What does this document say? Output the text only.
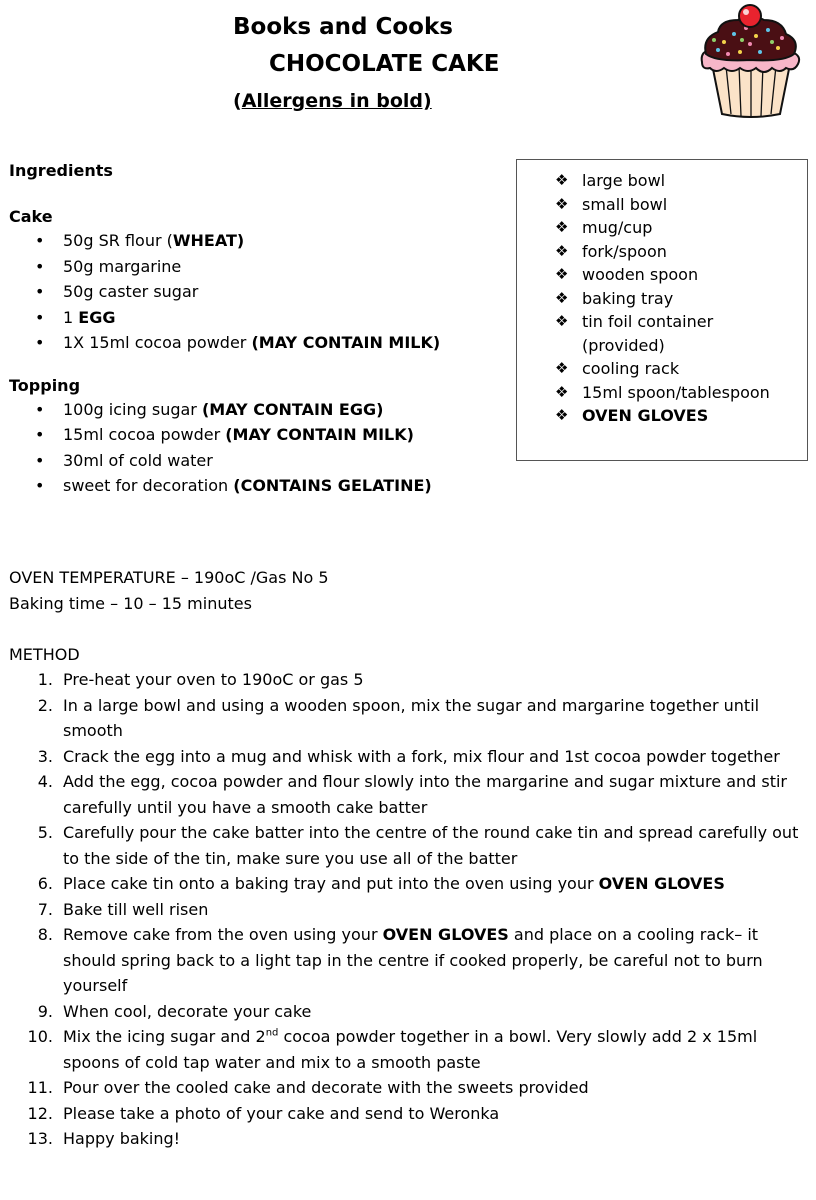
Books and Cooks
CHOCOLATE CAKE
(Allergens in bold)

Ingredients

Cake

• 50g SR flour (WHEAT)
• 50g margarine
• 50g caster sugar
• 1 EGG
• 1X 15ml cocoa powder (MAY CONTAIN MILK)

Topping

• 100g icing sugar (MAY CONTAIN EGG)
• 15ml cocoa powder (MAY CONTAIN MILK)
• 30ml of cold water
• sweet for decoration (CONTAINS GELATINE)
❖ large bowl
❖ small bowl
❖ mug/cup
❖ fork/spoon
❖ wooden spoon
❖ baking tray
❖ tin foil container
(provided)
❖ cooling rack
❖ 15ml spoon/tablespoon
❖ OVEN GLOVES
OVEN TEMPERATURE – 190oC /Gas No 5
Baking time – 10 – 15 minutes
METHOD
1. Pre-heat your oven to 190oC or gas 5
2. In a large bowl and using a wooden spoon, mix the sugar and margarine together until smooth
3. Crack the egg into a mug and whisk with a fork, mix flour and 1st cocoa powder together
4. Add the egg, cocoa powder and flour slowly into the margarine and sugar mixture and stir carefully until you have a smooth cake batter
5. Carefully pour the cake batter into the centre of the round cake tin and spread carefully out to the side of the tin, make sure you use all of the batter
6. Place cake tin onto a baking tray and put into the oven using your OVEN GLOVES
7. Bake till well risen
8. Remove cake from the oven using your OVEN GLOVES and place on a cooling rack– it should spring back to a light tap in the centre if cooked properly, be careful not to burn yourself
9. When cool, decorate your cake
10. Mix the icing sugar and 2nd cocoa powder together in a bowl. Very slowly add 2 x 15ml spoons of cold tap water and mix to a smooth paste
11. Pour over the cooled cake and decorate with the sweets provided
12. Please take a photo of your cake and send to Weronka
13. Happy baking!
